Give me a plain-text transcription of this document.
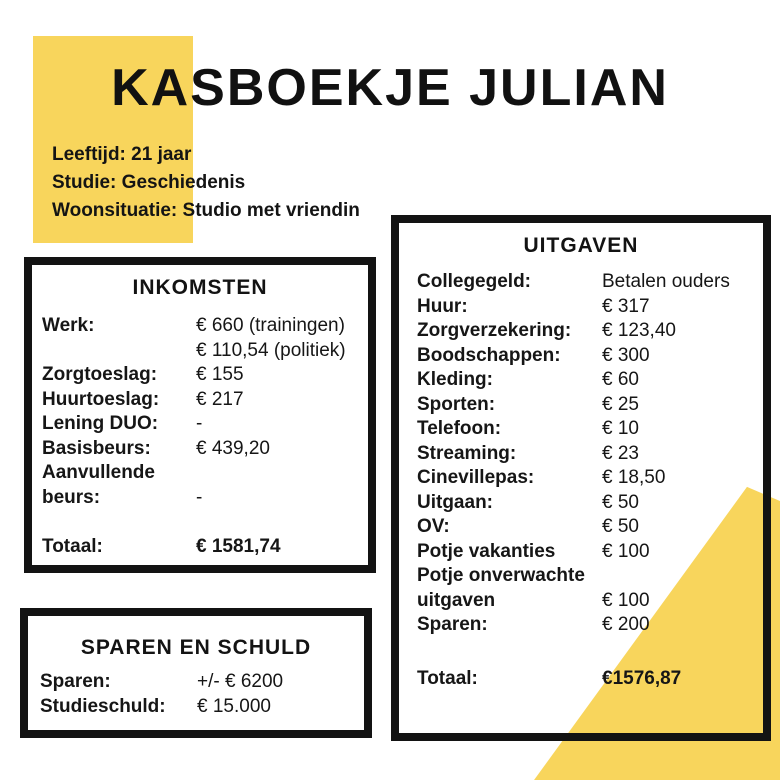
KASBOEKJE JULIAN
Leeftijd: 21 jaar
Studie: Geschiedenis
Woonsituatie: Studio met vriendin
INKOMSTEN
Werk:	€ 660 (trainingen)
€ 110,54 (politiek)
Zorgtoeslag:	€ 155
Huurtoeslag:	€ 217
Lening DUO:	-
Basisbeurs:	€ 439,20
Aanvullende
beurs:	-
Totaal:	€ 1581,74
UITGAVEN
Collegegeld:	Betalen ouders
Huur:	€ 317
Zorgverzekering:	€ 123,40
Boodschappen:	€ 300
Kleding:	€ 60
Sporten:	€ 25
Telefoon:	€ 10
Streaming:	€ 23
Cinevillepas:	€ 18,50
Uitgaan:	€ 50
OV:	€ 50
Potje vakanties	€ 100
Potje onverwachte
uitgaven	€ 100
Sparen:	€ 200
Totaal:	€1576,87
SPAREN EN SCHULD
Sparen:	+/- € 6200
Studieschuld:	€ 15.000
